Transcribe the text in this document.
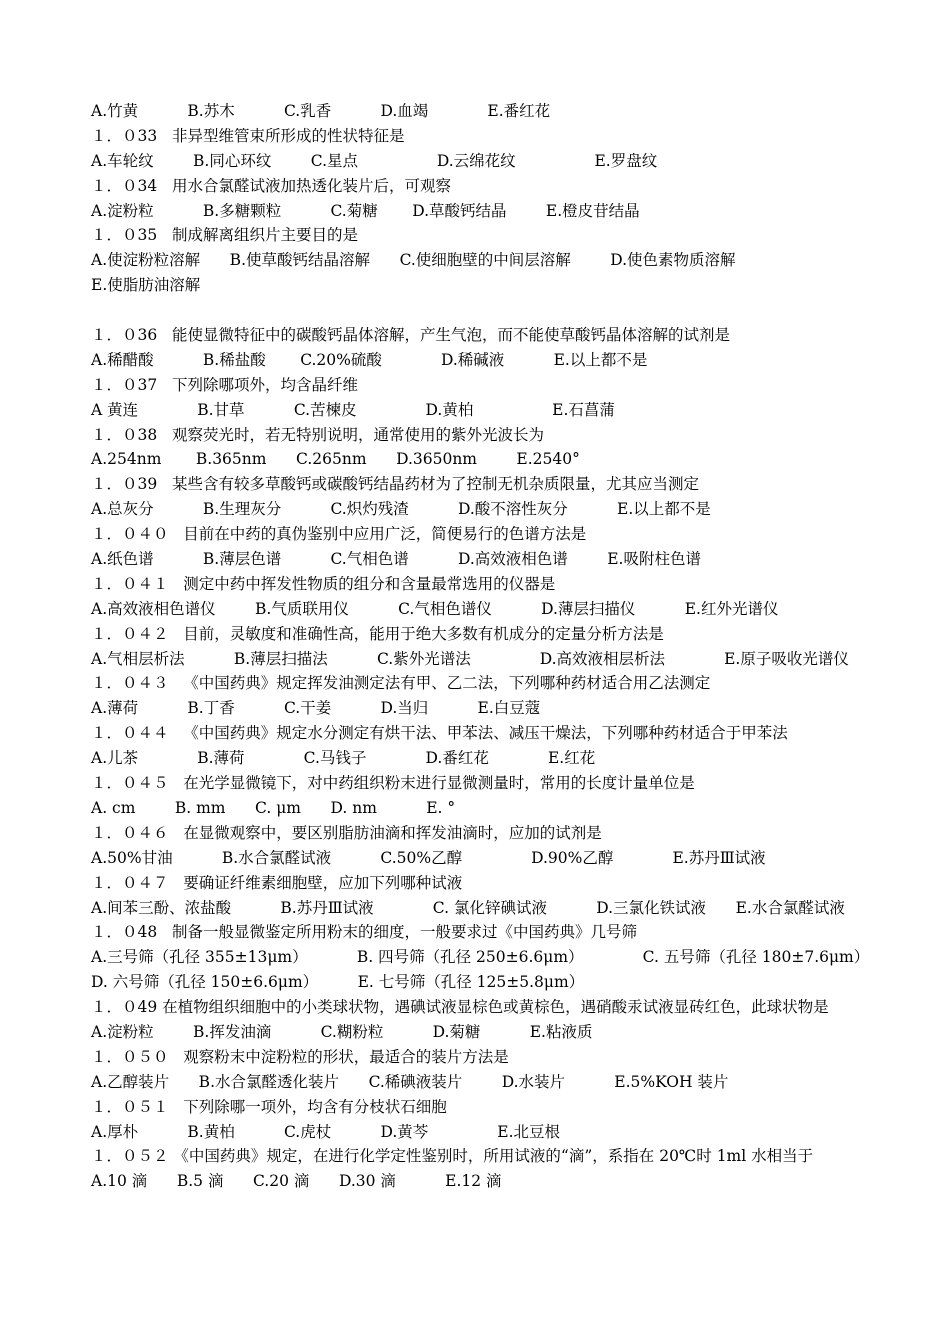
A.竹黄          B.苏木          C.乳香          D.血竭            E.番红花
１．０33   非异型维管束所形成的性状特征是
A.车轮纹        B.同心环纹        C.星点                D.云绵花纹                E.罗盘纹
１．０34   用水合氯醛试液加热透化装片后，可观察
A.淀粉粒          B.多糖颗粒          C.菊糖       D.草酸钙结晶        E.橙皮苷结晶
１．０35   制成解离组织片主要目的是
A.使淀粉粒溶解      B.使草酸钙结晶溶解      C.使细胞壁的中间层溶解        D.使色素物质溶解
E.使脂肪油溶解
１．０36   能使显微特征中的碳酸钙晶体溶解，产生气泡，而不能使草酸钙晶体溶解的试剂是
A.稀醋酸          B.稀盐酸       C.20%硫酸            D.稀碱液          E.以上都不是
１．０37   下列除哪项外，均含晶纤维
A 黄连            B.甘草          C.苦楝皮              D.黄柏                E.石菖蒲
１．０38   观察荧光时，若无特别说明，通常使用的紫外光波长为
A.254nm       B.365nm      C.265nm      D.3650nm        E.2540°
１．０39   某些含有较多草酸钙或碳酸钙结晶药材为了控制无机杂质限量，尤其应当测定
A.总灰分          B.生理灰分          C.炽灼残渣          D.酸不溶性灰分          E.以上都不是
１．０４０   目前在中药的真伪鉴别中应用广泛，简便易行的色谱方法是
A.纸色谱          B.薄层色谱          C.气相色谱          D.高效液相色谱        E.吸附柱色谱
１．０４１   测定中药中挥发性物质的组分和含量最常选用的仪器是
A.高效液相色谱仪        B.气质联用仪          C.气相色谱仪          D.薄层扫描仪          E.红外光谱仪
１．０４２   目前，灵敏度和准确性高，能用于绝大多数有机成分的定量分析方法是
A.气相层析法          B.薄层扫描法          C.紫外光谱法              D.高效液相层析法            E.原子吸收光谱仪
１．０４３   《中国药典》规定挥发油测定法有甲、乙二法，下列哪种药材适合用乙法测定
A.薄荷          B.丁香          C.干姜          D.当归          E.白豆蔻
１．０４４   《中国药典》规定水分测定有烘干法、甲苯法、减压干燥法，下列哪种药材适合于甲苯法
A.儿茶            B.薄荷            C.马钱子            D.番红花            E.红花
１．０４５   在光学显微镜下，对中药组织粉末进行显微测量时，常用的长度计量单位是
A. cm        B. mm      C. μm      D. nm          E. °
１．０４６   在显微观察中，要区别脂肪油滴和挥发油滴时，应加的试剂是
A.50%甘油          B.水合氯醛试液          C.50%乙醇              D.90%乙醇            E.苏丹Ⅲ试液
１．０４７   要确证纤维素细胞壁，应加下列哪种试液
A.间苯三酚、浓盐酸          B.苏丹Ⅲ试液            C. 氯化锌碘试液          D.三氯化铁试液      E.水合氯醛试液
１．０48   制备一般显微鉴定所用粉末的细度，一般要求过《中国药典》几号筛
A.三号筛（孔径 355±13μm）          B. 四号筛（孔径 250±6.6μm）            C. 五号筛（孔径 180±7.6μm）
D. 六号筛（孔径 150±6.6μm）        E. 七号筛（孔径 125±5.8μm）
１．０49 在植物组织细胞中的小类球状物，遇碘试液显棕色或黄棕色，遇硝酸汞试液显砖红色，此球状物是
A.淀粉粒        B.挥发油滴          C.糊粉粒          D.菊糖          E.粘液质
１．０５０   观察粉末中淀粉粒的形状，最适合的装片方法是
A.乙醇装片      B.水合氯醛透化装片      C.稀碘液装片        D.水装片          E.5%KOH 装片
１．０５１   下列除哪一项外，均含有分枝状石细胞
A.厚朴          B.黄柏          C.虎杖          D.黄芩              E.北豆根
１．０５２ 《中国药典》规定，在进行化学定性鉴别时，所用试液的“滴”，系指在 20℃时 1ml 水相当于
A.10 滴      B.5 滴      C.20 滴      D.30 滴          E.12 滴
